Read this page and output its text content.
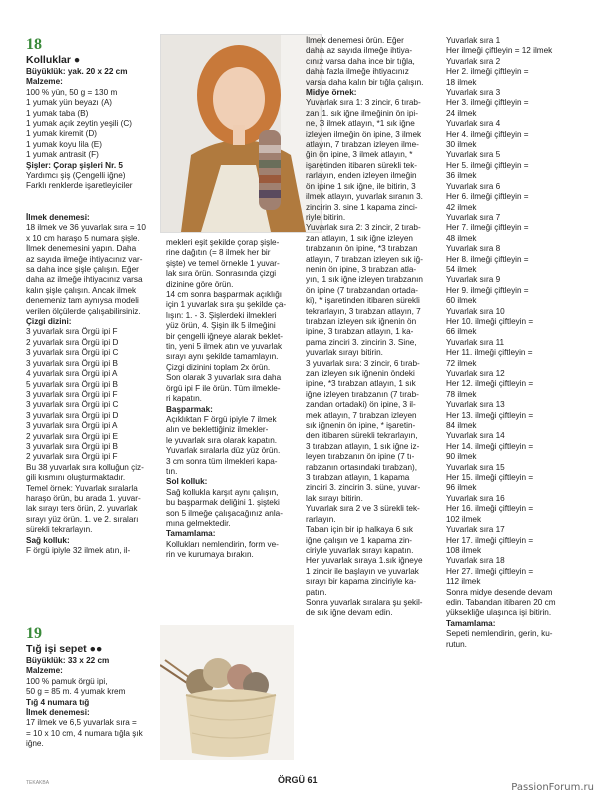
18

Kolluklar ●

Büyüklük: yak. 20 x 22 cm

Malzeme:

100 % yün, 50 g = 130 m

1 yumak yün beyazı (A)

1 yumak taba (B)

1 yumak açık zeytin yeşili (C)

1 yumak kiremit (D)

1 yumak koyu lila (E)

1 yumak antrasit (F)

Şişler: Çorap şişleri Nr. 5

Yardımcı şiş (Çengelli iğne)

Farklı renklerde işaretleyiciler

İlmek denemesi:

18 ilmek ve 36 yuvarlak sıra = 10

x 10 cm haraşo 5 numara şişle.

İlmek denemesini yapın. Daha

az sayıda ilmeğe ihtiyacınız var-

sa daha ince şişle çalışın. Eğer

daha az ilmeğe ihtiyacınız varsa

kalın şişle çalışın. Ancak ilmek

denemeniz tam aynıysa modeli

verilen ölçülerde çalışabilirsiniz.

Çizgi dizini:

3 yuvarlak sıra Örgü ipi F

2 yuvarlak sıra Örgü ipi D

3 yuvarlak sıra Örgü ipi C

3 yuvarlak sıra Örgü ipi B

4 yuvarlak sıra Örgü ipi A

5 yuvarlak sıra Örgü ipi B

3 yuvarlak sıra Örgü ipi F

3 yuvarlak sıra Örgü ipi C

3 yuvarlak sıra Örgü ipi D

3 yuvarlak sıra Örgü ipi A

2 yuvarlak sıra Örgü ipi E

3 yuvarlak sıra Örgü ipi B

2 yuvarlak sıra Örgü ipi F

Bu 38 yuvarlak sıra kolluğun çiz-

gili kısmını oluşturmaktadır.

Temel örnek: Yuvarlak sıralarla

haraşo örün, bu arada 1. yuvar-

lak sırayı ters örün, 2. yuvarlak

sırayı yüz örün. 1. ve 2. sıraları

sürekli tekrarlayın.

Sağ kolluk:

F örgü ipiyle 32 ilmek atın, il-

mekleri eşit şekilde çorap şişle-

rine dağıtın (= 8 ilmek her bir

şişte) ve temel örnekle 1 yuvar-

lak sıra örün. Sonrasında çizgi

dizinine göre örün.

14 cm sonra başparmak açıklığı

için 1 yuvarlak sıra şu şekilde ça-

lışın: 1. - 3. Şişlerdeki ilmekleri

yüz örün, 4. Şişin ilk 5 ilmeğini

bir çengelli iğneye alarak beklet-

tin, yeni 5 ilmek atın ve yuvarlak

sırayı aynı şekilde tamamlayın.

Çizgi dizinini toplam 2x örün.

Son olarak 3 yuvarlak sıra daha

örgü ipi F ile örün. Tüm ilmekle-

ri kapatın.

Başparmak:

Açıklıktan F örgü ipiyle 7 ilmek

alın ve beklettiğiniz ilmekler-

le yuvarlak sıra olarak kapatın.

Yuvarlak sıralarla düz yüz örün.

3 cm sonra tüm ilmekleri kapa-

tın.

Sol kolluk:

Sağ kollukla karşıt aynı çalışın,

bu başparmak deliğini 1. şişteki

son 5 ilmeğe çalışacağınız anla-

mına gelmektedir.

Tamamlama:

Kollukları nemlendirin, form ve-

rin ve kurumaya bırakın.

19

Tığ işi sepet ●●

Büyüklük: 33 x 22 cm

Malzeme:

100 % pamuk örgü ipi,

50 g = 85 m. 4 yumak krem

Tığ 4 numara tığ

İlmek denemesi:

17 ilmek ve 6,5 yuvarlak sıra =

= 10 x 10 cm, 4 numara tığla şık

iğne.

İlmek denemesi örün. Eğer

daha az sayıda ilmeğe ihtiya-

cınız varsa daha ince bir tığla,

daha fazla ilmeğe ihtiyacınız

varsa daha kalın bir tığla çalışın.

Midye örnek:

Yuvarlak sıra 1: 3 zincir, 6 tırab-

zan 1. sık iğne ilmeğinin ön ipi-

ne, 3 ilmek atlayın, *1 sık iğne

izleyen ilmeğin ön ipine, 3 ilmek

atlayın, 7 tırabzan izleyen ilme-

ğin ön ipine, 3 ilmek atlayın, *

işaretinden itibaren sürekli tek-

rarlayın, enden izleyen ilmeğin

ön ipine 1 sık iğne, ile bitirin, 3

ilmek atlayın, yuvarlak sıranın 3.

zincirin 3. sine 1 kapama zinci-

riyle bitirin.

Yuvarlak sıra 2: 3 zincir, 2 tırab-

zan atlayın, 1 sık iğne izleyen

tırabzanın ön ipine, *3 tırabzan

atlayın, 7 tırabzan izleyen sık iğ-

nenin ön ipine, 3 tırabzan atla-

yın, 1 sık iğne izleyen tırabzanın

ön ipine (7 tırabzandan ortada-

ki), * işaretinden itibaren sürekli

tekrarlayın, 3 tırabzan atlayın, 7

tırabzan izleyen sık iğnenin ön

ipine, 3 tırabzan atlayın, 1 ka-

pama zinciri 3. zincirin 3. Sine,

yuvarlak sırayı bitirin.

3 yuvarlak sıra: 3 zincir, 6 tırab-

zan izleyen sık iğnenin öndeki

ipine, *3 tırabzan atlayın, 1 sık

iğne izleyen tırabzanın (7 tırab-

zandan ortadaki) ön ipine, 3 il-

mek atlayın, 7 tırabzan izleyen

sık iğnenin ön ipine, * işaretin-

den itibaren sürekli tekrarlayın,

3 tırabzan atlayın, 1 sık iğne iz-

leyen tırabzanın ön ipine (7 tı-

rabzanın ortasındaki tırabzan),

3 tırabzan atlayın, 1 kapama

zinciri 3. zincirin 3. süne, yuvar-

lak sırayı bitirin.

Yuvarlak sıra 2 ve 3 sürekli tek-

rarlayın.

Taban için bir ip halkaya 6 sık

iğne çalışın ve 1 kapama zin-

ciriyle yuvarlak sırayı kapatın.

Her yuvarlak sıraya 1.sık iğneye

1 zincir ile başlayın ve yuvarlak

sırayı bir kapama zinciriyle ka-

patın.

Sonra yuvarlak sıralara şu şekil-

de sık iğne devam edin.

Yuvarlak sıra 1

Her ilmeği çiftleyin = 12 ilmek

Yuvarlak sıra 2

Her 2. ilmeği çiftleyin =

18 ilmek

Yuvarlak sıra 3

Her 3. ilmeği çiftleyin =

24 ilmek

Yuvarlak sıra 4

Her 4. ilmeği çiftleyin =

30 ilmek

Yuvarlak sıra 5

Her 5. ilmeği çiftleyin =

36 ilmek

Yuvarlak sıra 6

Her 6. ilmeği çiftleyin =

42 ilmek

Yuvarlak sıra 7

Her 7. ilmeği çiftleyin =

48 ilmek

Yuvarlak sıra 8

Her 8. ilmeği çiftleyin =

54 ilmek

Yuvarlak sıra 9

Her 9. ilmeği çiftleyin =

60 ilmek

Yuvarlak sıra 10

Her 10. ilmeği çiftleyin =

66 ilmek

Yuvarlak sıra 11

Her 11. ilmeği çiftleyin =

72 ilmek

Yuvarlak sıra 12

Her 12. ilmeği çiftleyin =

78 ilmek

Yuvarlak sıra 13

Her 13. ilmeği çiftleyin =

84 ilmek

Yuvarlak sıra 14

Her 14. ilmeği çiftleyin =

90 ilmek

Yuvarlak sıra 15

Her 15. ilmeği çiftleyin =

96 ilmek

Yuvarlak sıra 16

Her 16. ilmeği çiftleyin =

102 ilmek

Yuvarlak sıra 17

Her 17. ilmeği çiftleyin =

108 ilmek

Yuvarlak sıra 18

Her 27. ilmeği çiftleyin =

112 ilmek

Sonra midye desende devam

edin. Tabandan itibaren 20 cm

yüksekliğe ulaşınca işi bitirin.

Tamamlama:

Sepeti nemlendirin, gerin, ku-

rutun.

TEKAKBA	ÖRGÜ 61
PassionForum.ru
